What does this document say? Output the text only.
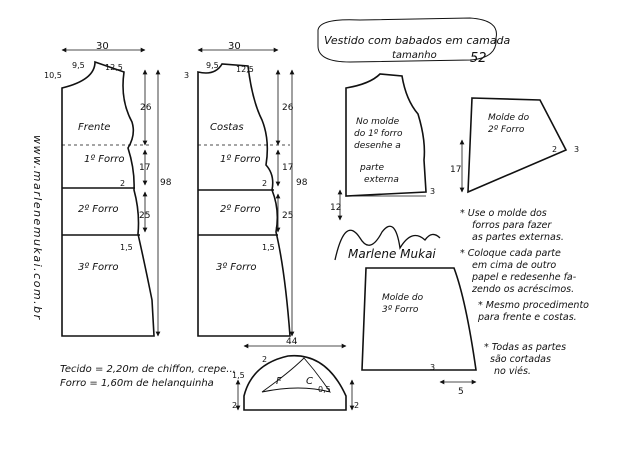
Vestido com babados em camada
tamanho	52
www.marlenemukai.com.br
30
9,5	12,5
10,5
26
98
Frente
1º Forro
17
2
2º Forro
25
3º Forro
1,5
30
9,5 12,5
3
26
98
Costas
1º Forro
17
2
2º Forro
25
3º Forro
1,5
No molde
do 1º forro
desenhe a
parte
externa
12
3
Molde do
2º Forro
17
2 3
Marlene Mukai
Molde do
3º Forro
3
5
* Use o molde dos
forros para fazer
as partes externas.
* Coloque cada parte
em cima de outro
papel e redesenhe fa-
zendo os acréscimos.
* Mesmo procedimento
para frente e costas.
* Todas as partes
são cortadas
no viés.
Tecido = 2,20m de chiffon, crepe...
Forro = 1,60m de helanquinha
44
F C
2
1,5
2	2
0,5
